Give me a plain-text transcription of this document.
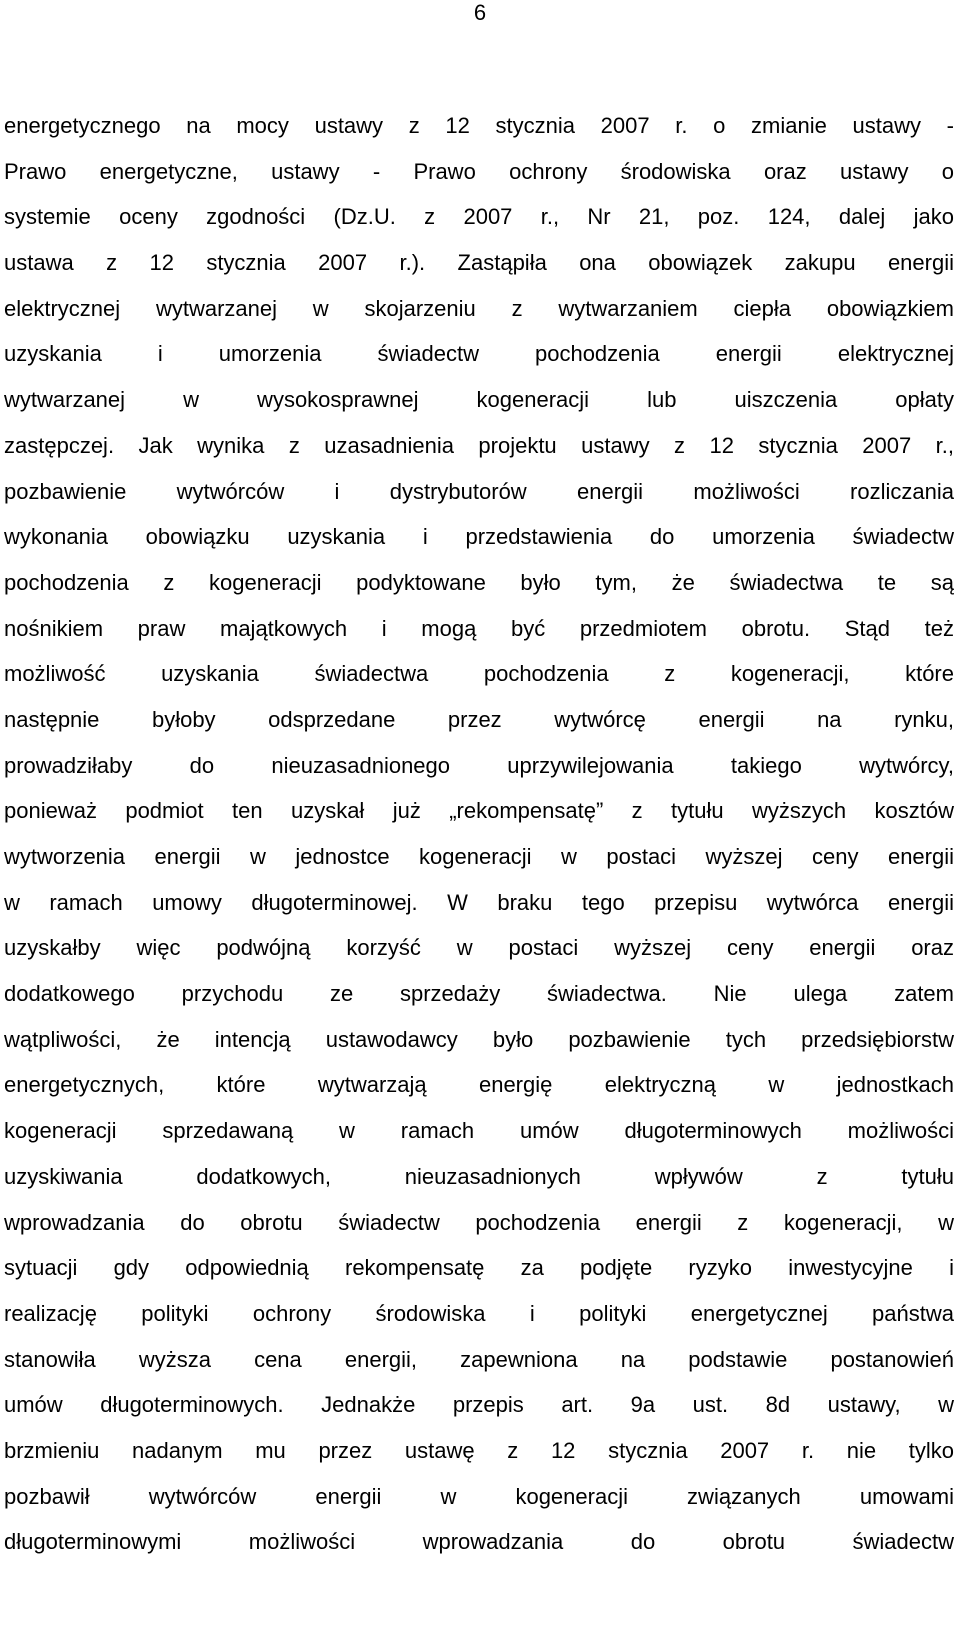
6
energetycznego na mocy ustawy z 12 stycznia 2007 r. o zmianie ustawy -
Prawo energetyczne, ustawy - Prawo ochrony środowiska oraz ustawy o
systemie oceny zgodności (Dz.U. z 2007 r., Nr 21, poz. 124, dalej jako
ustawa z 12 stycznia 2007 r.). Zastąpiła ona obowiązek zakupu energii
elektrycznej wytwarzanej w skojarzeniu z wytwarzaniem ciepła obowiązkiem
uzyskania i umorzenia świadectw pochodzenia energii elektrycznej
wytwarzanej w wysokosprawnej kogeneracji lub uiszczenia opłaty
zastępczej. Jak wynika z uzasadnienia projektu ustawy z 12 stycznia 2007 r.,
pozbawienie wytwórców i dystrybutorów energii możliwości rozliczania
wykonania obowiązku uzyskania i przedstawienia do umorzenia świadectw
pochodzenia z kogeneracji podyktowane było tym, że świadectwa te są
nośnikiem praw majątkowych i mogą być przedmiotem obrotu. Stąd też
możliwość uzyskania świadectwa pochodzenia z kogeneracji, które
następnie byłoby odsprzedane przez wytwórcę energii na rynku,
prowadziłaby do nieuzasadnionego uprzywilejowania takiego wytwórcy,
ponieważ podmiot ten uzyskał już „rekompensatę” z tytułu wyższych kosztów
wytworzenia energii w jednostce kogeneracji w postaci wyższej ceny energii
w ramach umowy długoterminowej. W braku tego przepisu wytwórca energii
uzyskałby więc podwójną korzyść w postaci wyższej ceny energii oraz
dodatkowego przychodu ze sprzedaży świadectwa. Nie ulega zatem
wątpliwości, że intencją ustawodawcy było pozbawienie tych przedsiębiorstw
energetycznych, które wytwarzają energię elektryczną w jednostkach
kogeneracji sprzedawaną w ramach umów długoterminowych możliwości
uzyskiwania dodatkowych, nieuzasadnionych wpływów z tytułu
wprowadzania do obrotu świadectw pochodzenia energii z kogeneracji, w
sytuacji gdy odpowiednią rekompensatę za podjęte ryzyko inwestycyjne i
realizację polityki ochrony środowiska i polityki energetycznej państwa
stanowiła wyższa cena energii, zapewniona na podstawie postanowień
umów długoterminowych. Jednakże przepis art. 9a ust. 8d ustawy, w
brzmieniu nadanym mu przez ustawę z 12 stycznia 2007 r. nie tylko
pozbawił wytwórców energii w kogeneracji związanych umowami
długoterminowymi możliwości wprowadzania do obrotu świadectw
